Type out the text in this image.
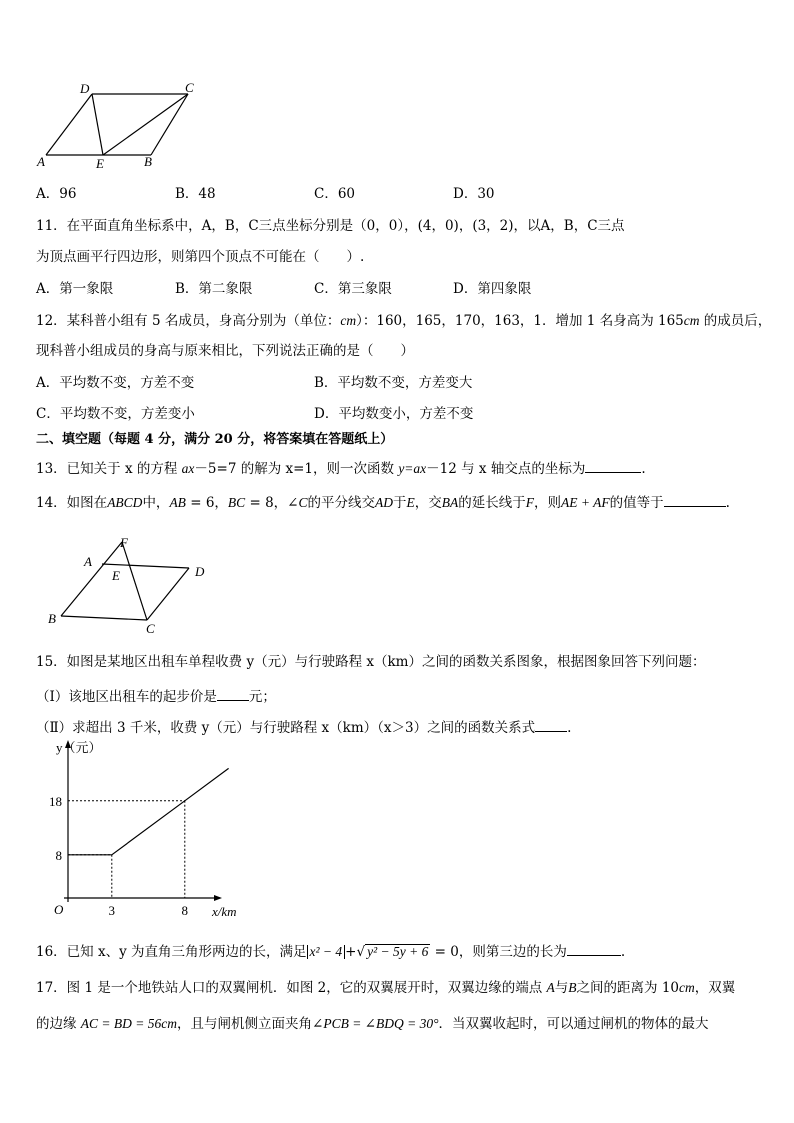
D	C
A	E	B
A．96	B．48	C．60	D．30
11．在平面直角坐标系中，A，B，C三点坐标分别是（0，0），(4，0)，(3，2)，以A，B，C三点
为顶点画平行四边形，则第四个顶点不可能在（　　）.
A．第一象限	B．第二象限	C．第三象限	D．第四象限
12．某科普小组有 5 名成员，身高分别为（单位：cm）：160，165，170，163，1．增加 1 名身高为 165cm 的成员后，
现科普小组成员的身高与原来相比，下列说法正确的是（　　）
A．平均数不变，方差不变	B．平均数不变，方差变大
C．平均数不变，方差变小	D．平均数变小，方差不变
二、填空题（每题 4 分，满分 20 分，将答案填在答题纸上）
13．已知关于 x 的方程 ax－5=7 的解为 x=1，则一次函数 y=ax－12 与 x 轴交点的坐标为	.
14．如图在ABCD中，AB = 6，BC = 8，∠C的平分线交AD于E，交BA的延长线于F，则AE + AF的值等于	.
F
A
E	D
B
C
15．如图是某地区出租车单程收费 y（元）与行驶路程 x（km）之间的函数关系图象，根据图象回答下列问题：
（Ⅰ）该地区出租车的起步价是 元；
（Ⅱ）求超出 3 千米，收费 y（元）与行驶路程 x（km）（x＞3）之间的函数关系式 .
y（元）
x/km
O	3	8
8
18
16．已知 x、y 为直角三角形两边的长，满足 x² − 4 +√ y² − 5y + 6 = 0，则第三边的长为	.
17．图 1 是一个地铁站人口的双翼闸机．如图 2，它的双翼展开时，双翼边缘的端点 A与B之间的距离为 10cm，双翼
的边缘 AC = BD = 56cm，且与闸机侧立面夹角∠PCB = ∠BDQ = 30°．当双翼收起时，可以通过闸机的物体的最大
